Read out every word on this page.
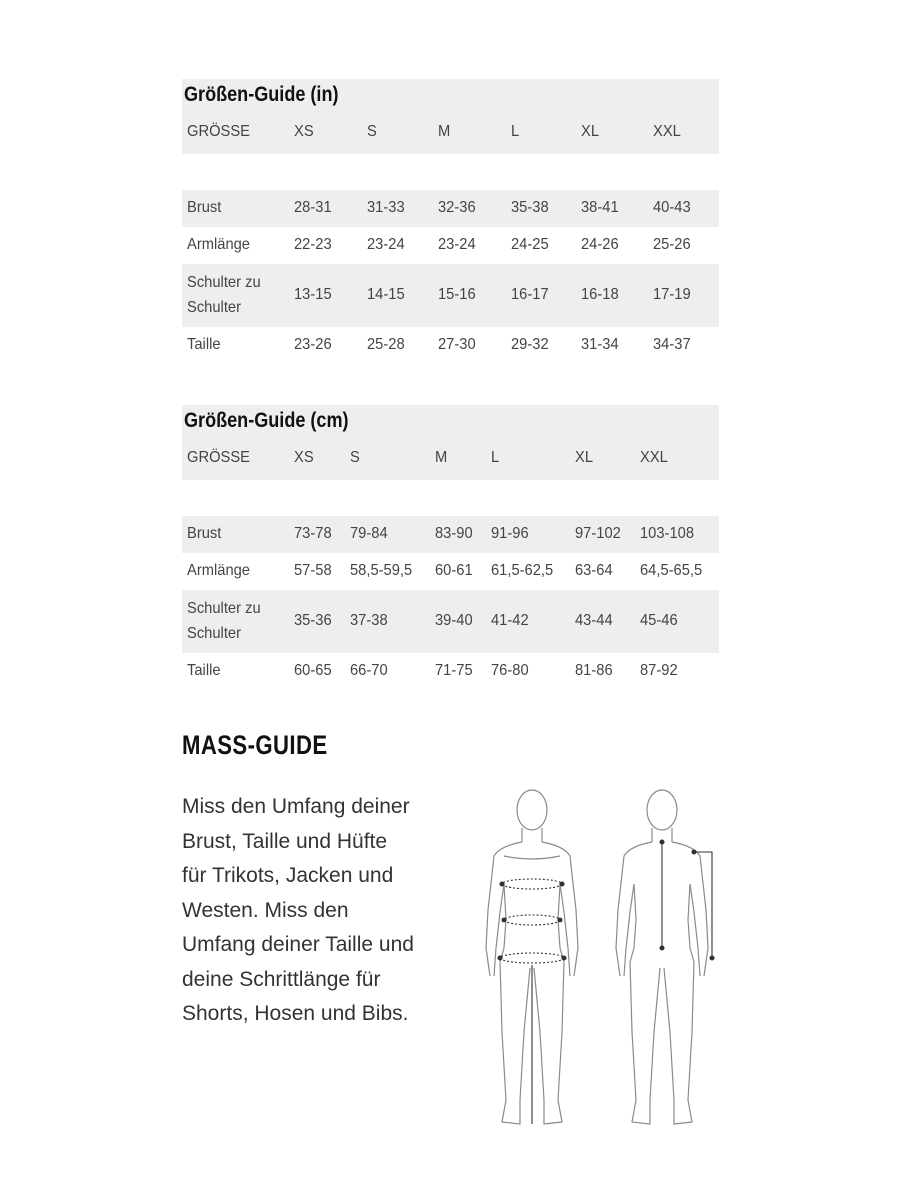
Größen-Guide (in)
GRÖSSE	XS	S	M	L	XL	XXL
Brust	28-31 31-33 32-36 35-38 38-41 40-43
Armlänge	22-23 23-24 23-24 24-25 24-26 25-26
Schulter zu
Schulter
13-15 14-15 15-16 16-17 16-18 17-19
Taille	23-26 25-28 27-30 29-32 31-34 34-37
Größen-Guide (cm)
GRÖSSE	XS S	M	L	XL	XXL
Brust	73-78 79-84	83-90 91-96	97-102 103-108
Armlänge	57-58 58,5-59,5 60-61 61,5-62,5 63-64 64,5-65,5
Schulter zu
Schulter
35-36 37-38	39-40 41-42	43-44 45-46
Taille	60-65 66-70	71-75 76-80	81-86 87-92
MASS-GUIDE
Miss den Umfang deiner
Brust, Taille und Hüfte
für Trikots, Jacken und
Westen. Miss den
Umfang deiner Taille und
deine Schrittlänge für
Shorts, Hosen und Bibs.
